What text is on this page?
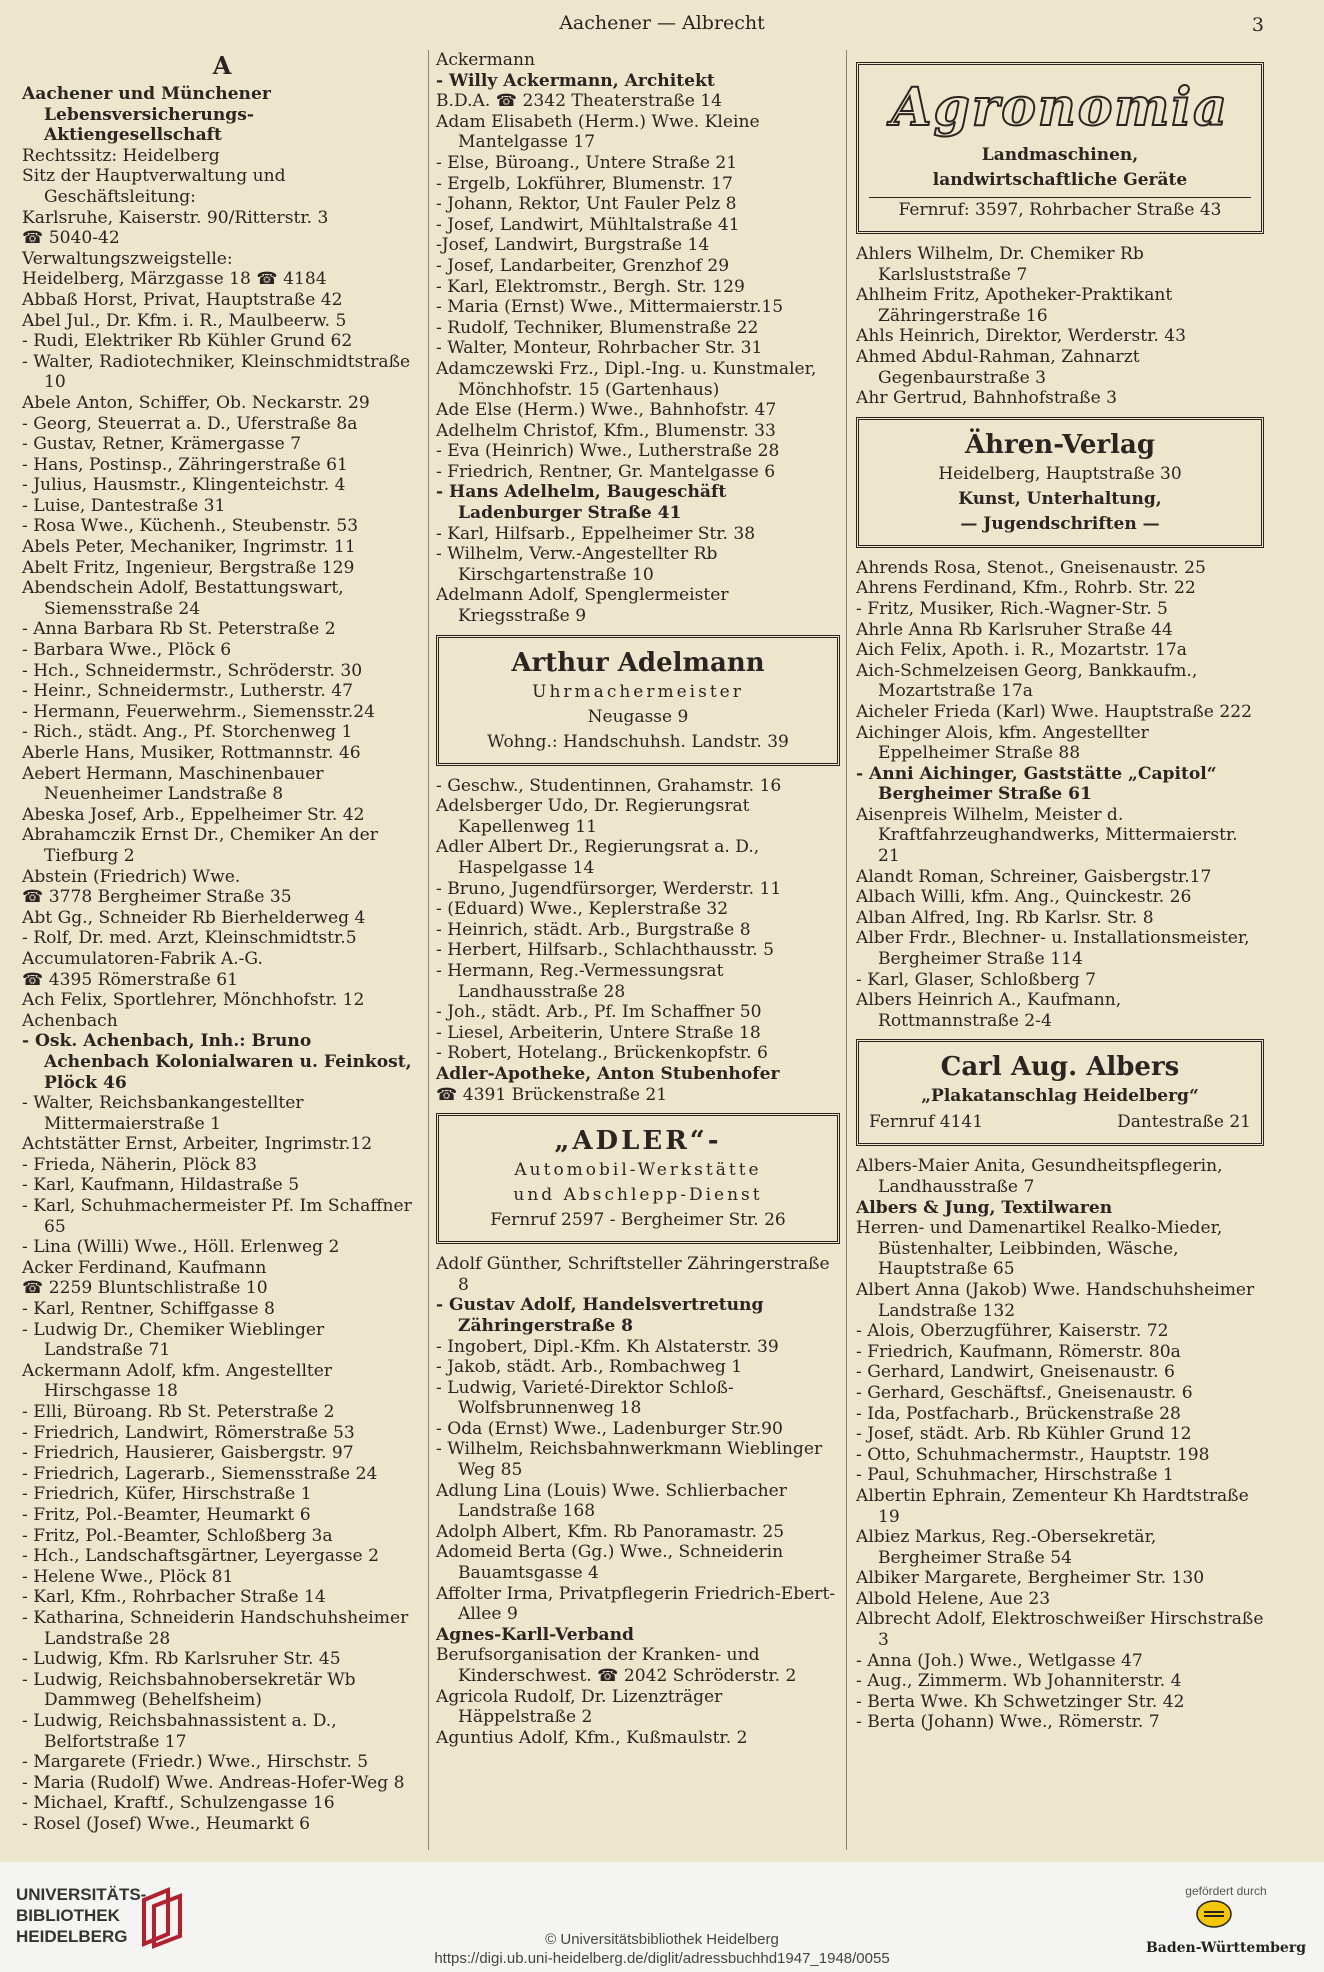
Aachener — Albrecht	3
A
Aachener und Münchener Lebensversicherungs-Aktiengesellschaft
Rechtssitz: Heidelberg
Sitz der Hauptverwaltung und Geschäftsleitung:
Karlsruhe, Kaiserstr. 90/Ritterstr. 3
☎ 5040-42
Verwaltungszweigstelle:
Heidelberg, Märzgasse 18 ☎ 4184
Abbaß Horst, Privat, Hauptstraße 42
Abel Jul., Dr. Kfm. i. R., Maulbeerw. 5
- Rudi, Elektriker Rb Kühler Grund 62
- Walter, Radiotechniker, Kleinschmidtstraße 10
Abele Anton, Schiffer, Ob. Neckarstr. 29
- Georg, Steuerrat a. D., Uferstraße 8a
- Gustav, Retner, Krämergasse 7
- Hans, Postinsp., Zähringerstraße 61
- Julius, Hausmstr., Klingenteichstr. 4
- Luise, Dantestraße 31
- Rosa Wwe., Küchenh., Steubenstr. 53
Abels Peter, Mechaniker, Ingrimstr. 11
Abelt Fritz, Ingenieur, Bergstraße 129
Abendschein Adolf, Bestattungswart, Siemensstraße 24
- Anna Barbara Rb St. Peterstraße 2
- Barbara Wwe., Plöck 6
- Hch., Schneidermstr., Schröderstr. 30
- Heinr., Schneidermstr., Lutherstr. 47
- Hermann, Feuerwehrm., Siemensstr.24
- Rich., städt. Ang., Pf. Storchenweg 1
Aberle Hans, Musiker, Rottmannstr. 46
Aebert Hermann, Maschinenbauer Neuenheimer Landstraße 8
Abeska Josef, Arb., Eppelheimer Str. 42
Abrahamczik Ernst Dr., Chemiker An der Tiefburg 2
Abstein (Friedrich) Wwe.
☎ 3778 Bergheimer Straße 35
Abt Gg., Schneider Rb Bierhelderweg 4
- Rolf, Dr. med. Arzt, Kleinschmidtstr.5
Accumulatoren-Fabrik A.-G.
☎ 4395 Römerstraße 61
Ach Felix, Sportlehrer, Mönchhofstr. 12
Achenbach
- Osk. Achenbach, Inh.: Bruno Achenbach Kolonialwaren u. Feinkost, Plöck 46
- Walter, Reichsbankangestellter Mittermaierstraße 1
Achtstätter Ernst, Arbeiter, Ingrimstr.12
- Frieda, Näherin, Plöck 83
- Karl, Kaufmann, Hildastraße 5
- Karl, Schuhmachermeister Pf. Im Schaffner 65
- Lina (Willi) Wwe., Höll. Erlenweg 2
Acker Ferdinand, Kaufmann
☎ 2259 Bluntschlistraße 10
- Karl, Rentner, Schiffgasse 8
- Ludwig Dr., Chemiker Wieblinger Landstraße 71
Ackermann Adolf, kfm. Angestellter Hirschgasse 18
- Elli, Büroang. Rb St. Peterstraße 2
- Friedrich, Landwirt, Römerstraße 53
- Friedrich, Hausierer, Gaisbergstr. 97
- Friedrich, Lagerarb., Siemensstraße 24
- Friedrich, Küfer, Hirschstraße 1
- Fritz, Pol.-Beamter, Heumarkt 6
- Fritz, Pol.-Beamter, Schloßberg 3a
- Hch., Landschaftsgärtner, Leyergasse 2
- Helene Wwe., Plöck 81
- Karl, Kfm., Rohrbacher Straße 14
- Katharina, Schneiderin Handschuhsheimer Landstraße 28
- Ludwig, Kfm. Rb Karlsruher Str. 45
- Ludwig, Reichsbahnobersekretär Wb Dammweg (Behelfsheim)
- Ludwig, Reichsbahnassistent a. D., Belfortstraße 17
- Margarete (Friedr.) Wwe., Hirschstr. 5
- Maria (Rudolf) Wwe. Andreas-Hofer-Weg 8
- Michael, Kraftf., Schulzengasse 16
- Rosel (Josef) Wwe., Heumarkt 6
Ackermann
- Willy Ackermann, Architekt
B.D.A. ☎ 2342 Theaterstraße 14
Adam Elisabeth (Herm.) Wwe. Kleine Mantelgasse 17
- Else, Büroang., Untere Straße 21
- Ergelb, Lokführer, Blumenstr. 17
- Johann, Rektor, Unt Fauler Pelz 8
- Josef, Landwirt, Mühltalstraße 41
-Josef, Landwirt, Burgstraße 14
- Josef, Landarbeiter, Grenzhof 29
- Karl, Elektromstr., Bergh. Str. 129
- Maria (Ernst) Wwe., Mittermaierstr.15
- Rudolf, Techniker, Blumenstraße 22
- Walter, Monteur, Rohrbacher Str. 31
Adamczewski Frz., Dipl.-Ing. u. Kunstmaler, Mönchhofstr. 15 (Gartenhaus)
Ade Else (Herm.) Wwe., Bahnhofstr. 47
Adelhelm Christof, Kfm., Blumenstr. 33
- Eva (Heinrich) Wwe., Lutherstraße 28
- Friedrich, Rentner, Gr. Mantelgasse 6
- Hans Adelhelm, Baugeschäft Ladenburger Straße 41
- Karl, Hilfsarb., Eppelheimer Str. 38
- Wilhelm, Verw.-Angestellter Rb Kirschgartenstraße 10
Adelmann Adolf, Spenglermeister Kriegsstraße 9
Arthur Adelmann
Uhrmachermeister
Neugasse 9
Wohng.: Handschuhsh. Landstr. 39
- Geschw., Studentinnen, Grahamstr. 16
Adelsberger Udo, Dr. Regierungsrat Kapellenweg 11
Adler Albert Dr., Regierungsrat a. D., Haspelgasse 14
- Bruno, Jugendfürsorger, Werderstr. 11
- (Eduard) Wwe., Keplerstraße 32
- Heinrich, städt. Arb., Burgstraße 8
- Herbert, Hilfsarb., Schlachthausstr. 5
- Hermann, Reg.-Vermessungsrat Landhausstraße 28
- Joh., städt. Arb., Pf. Im Schaffner 50
- Liesel, Arbeiterin, Untere Straße 18
- Robert, Hotelang., Brückenkopfstr. 6
Adler-Apotheke, Anton Stubenhofer
☎ 4391 Brückenstraße 21
„ADLER“-
Automobil-Werkstätte
und Abschlepp-Dienst
Fernruf 2597 - Bergheimer Str. 26
Adolf Günther, Schriftsteller Zähringerstraße 8
- Gustav Adolf, Handelsvertretung Zähringerstraße 8
- Ingobert, Dipl.-Kfm. Kh Alstaterstr. 39
- Jakob, städt. Arb., Rombachweg 1
- Ludwig, Varieté-Direktor Schloß-Wolfsbrunnenweg 18
- Oda (Ernst) Wwe., Ladenburger Str.90
- Wilhelm, Reichsbahnwerkmann Wieblinger Weg 85
Adlung Lina (Louis) Wwe. Schlierbacher Landstraße 168
Adolph Albert, Kfm. Rb Panoramastr. 25
Adomeid Berta (Gg.) Wwe., Schneiderin Bauamtsgasse 4
Affolter Irma, Privatpflegerin Friedrich-Ebert-Allee 9
Agnes-Karll-Verband
Berufsorganisation der Kranken- und Kinderschwest. ☎ 2042 Schröderstr. 2
Agricola Rudolf, Dr. Lizenzträger Häppelstraße 2
Aguntius Adolf, Kfm., Kußmaulstr. 2
Agronomia
Landmaschinen,
landwirtschaftliche Geräte
Fernruf: 3597, Rohrbacher Straße 43
Ahlers Wilhelm, Dr. Chemiker Rb Karlsluststraße 7
Ahlheim Fritz, Apotheker-Praktikant Zähringerstraße 16
Ahls Heinrich, Direktor, Werderstr. 43
Ahmed Abdul-Rahman, Zahnarzt Gegenbaurstraße 3
Ahr Gertrud, Bahnhofstraße 3
Ähren-Verlag
Heidelberg, Hauptstraße 30
Kunst, Unterhaltung,
— Jugendschriften —
Ahrends Rosa, Stenot., Gneisenaustr. 25
Ahrens Ferdinand, Kfm., Rohrb. Str. 22
- Fritz, Musiker, Rich.-Wagner-Str. 5
Ahrle Anna Rb Karlsruher Straße 44
Aich Felix, Apoth. i. R., Mozartstr. 17a
Aich-Schmelzeisen Georg, Bankkaufm., Mozartstraße 17a
Aicheler Frieda (Karl) Wwe. Hauptstraße 222
Aichinger Alois, kfm. Angestellter Eppelheimer Straße 88
- Anni Aichinger, Gaststätte „Capitol“ Bergheimer Straße 61
Aisenpreis Wilhelm, Meister d. Kraftfahrzeughandwerks, Mittermaierstr. 21
Alandt Roman, Schreiner, Gaisbergstr.17
Albach Willi, kfm. Ang., Quinckestr. 26
Alban Alfred, Ing. Rb Karlsr. Str. 8
Alber Frdr., Blechner- u. Installationsmeister, Bergheimer Straße 114
- Karl, Glaser, Schloßberg 7
Albers Heinrich A., Kaufmann, Rottmannstraße 2-4
Carl Aug. Albers
„Plakatanschlag Heidelberg“
Fernruf 4141	Dantestraße 21
Albers-Maier Anita, Gesundheitspflegerin, Landhausstraße 7
Albers & Jung, Textilwaren
Herren- und Damenartikel Realko-Mieder, Büstenhalter, Leibbinden, Wäsche, Hauptstraße 65
Albert Anna (Jakob) Wwe. Handschuhsheimer Landstraße 132
- Alois, Oberzugführer, Kaiserstr. 72
- Friedrich, Kaufmann, Römerstr. 80a
- Gerhard, Landwirt, Gneisenaustr. 6
- Gerhard, Geschäftsf., Gneisenaustr. 6
- Ida, Postfacharb., Brückenstraße 28
- Josef, städt. Arb. Rb Kühler Grund 12
- Otto, Schuhmachermstr., Hauptstr. 198
- Paul, Schuhmacher, Hirschstraße 1
Albertin Ephrain, Zementeur Kh Hardtstraße 19
Albiez Markus, Reg.-Obersekretär, Bergheimer Straße 54
Albiker Margarete, Bergheimer Str. 130
Albold Helene, Aue 23
Albrecht Adolf, Elektroschweißer Hirschstraße 3
- Anna (Joh.) Wwe., Wetlgasse 47
- Aug., Zimmerm. Wb Johanniterstr. 4
- Berta Wwe. Kh Schwetzinger Str. 42
- Berta (Johann) Wwe., Römerstr. 7
UNIVERSITÄTS-
BIBLIOTHEK
HEIDELBERG	© Universitätsbibliothek Heidelberg
https://digi.ub.uni-heidelberg.de/diglit/adressbuchhd1947_1948/0055
gefördert durch
Baden-Württemberg
